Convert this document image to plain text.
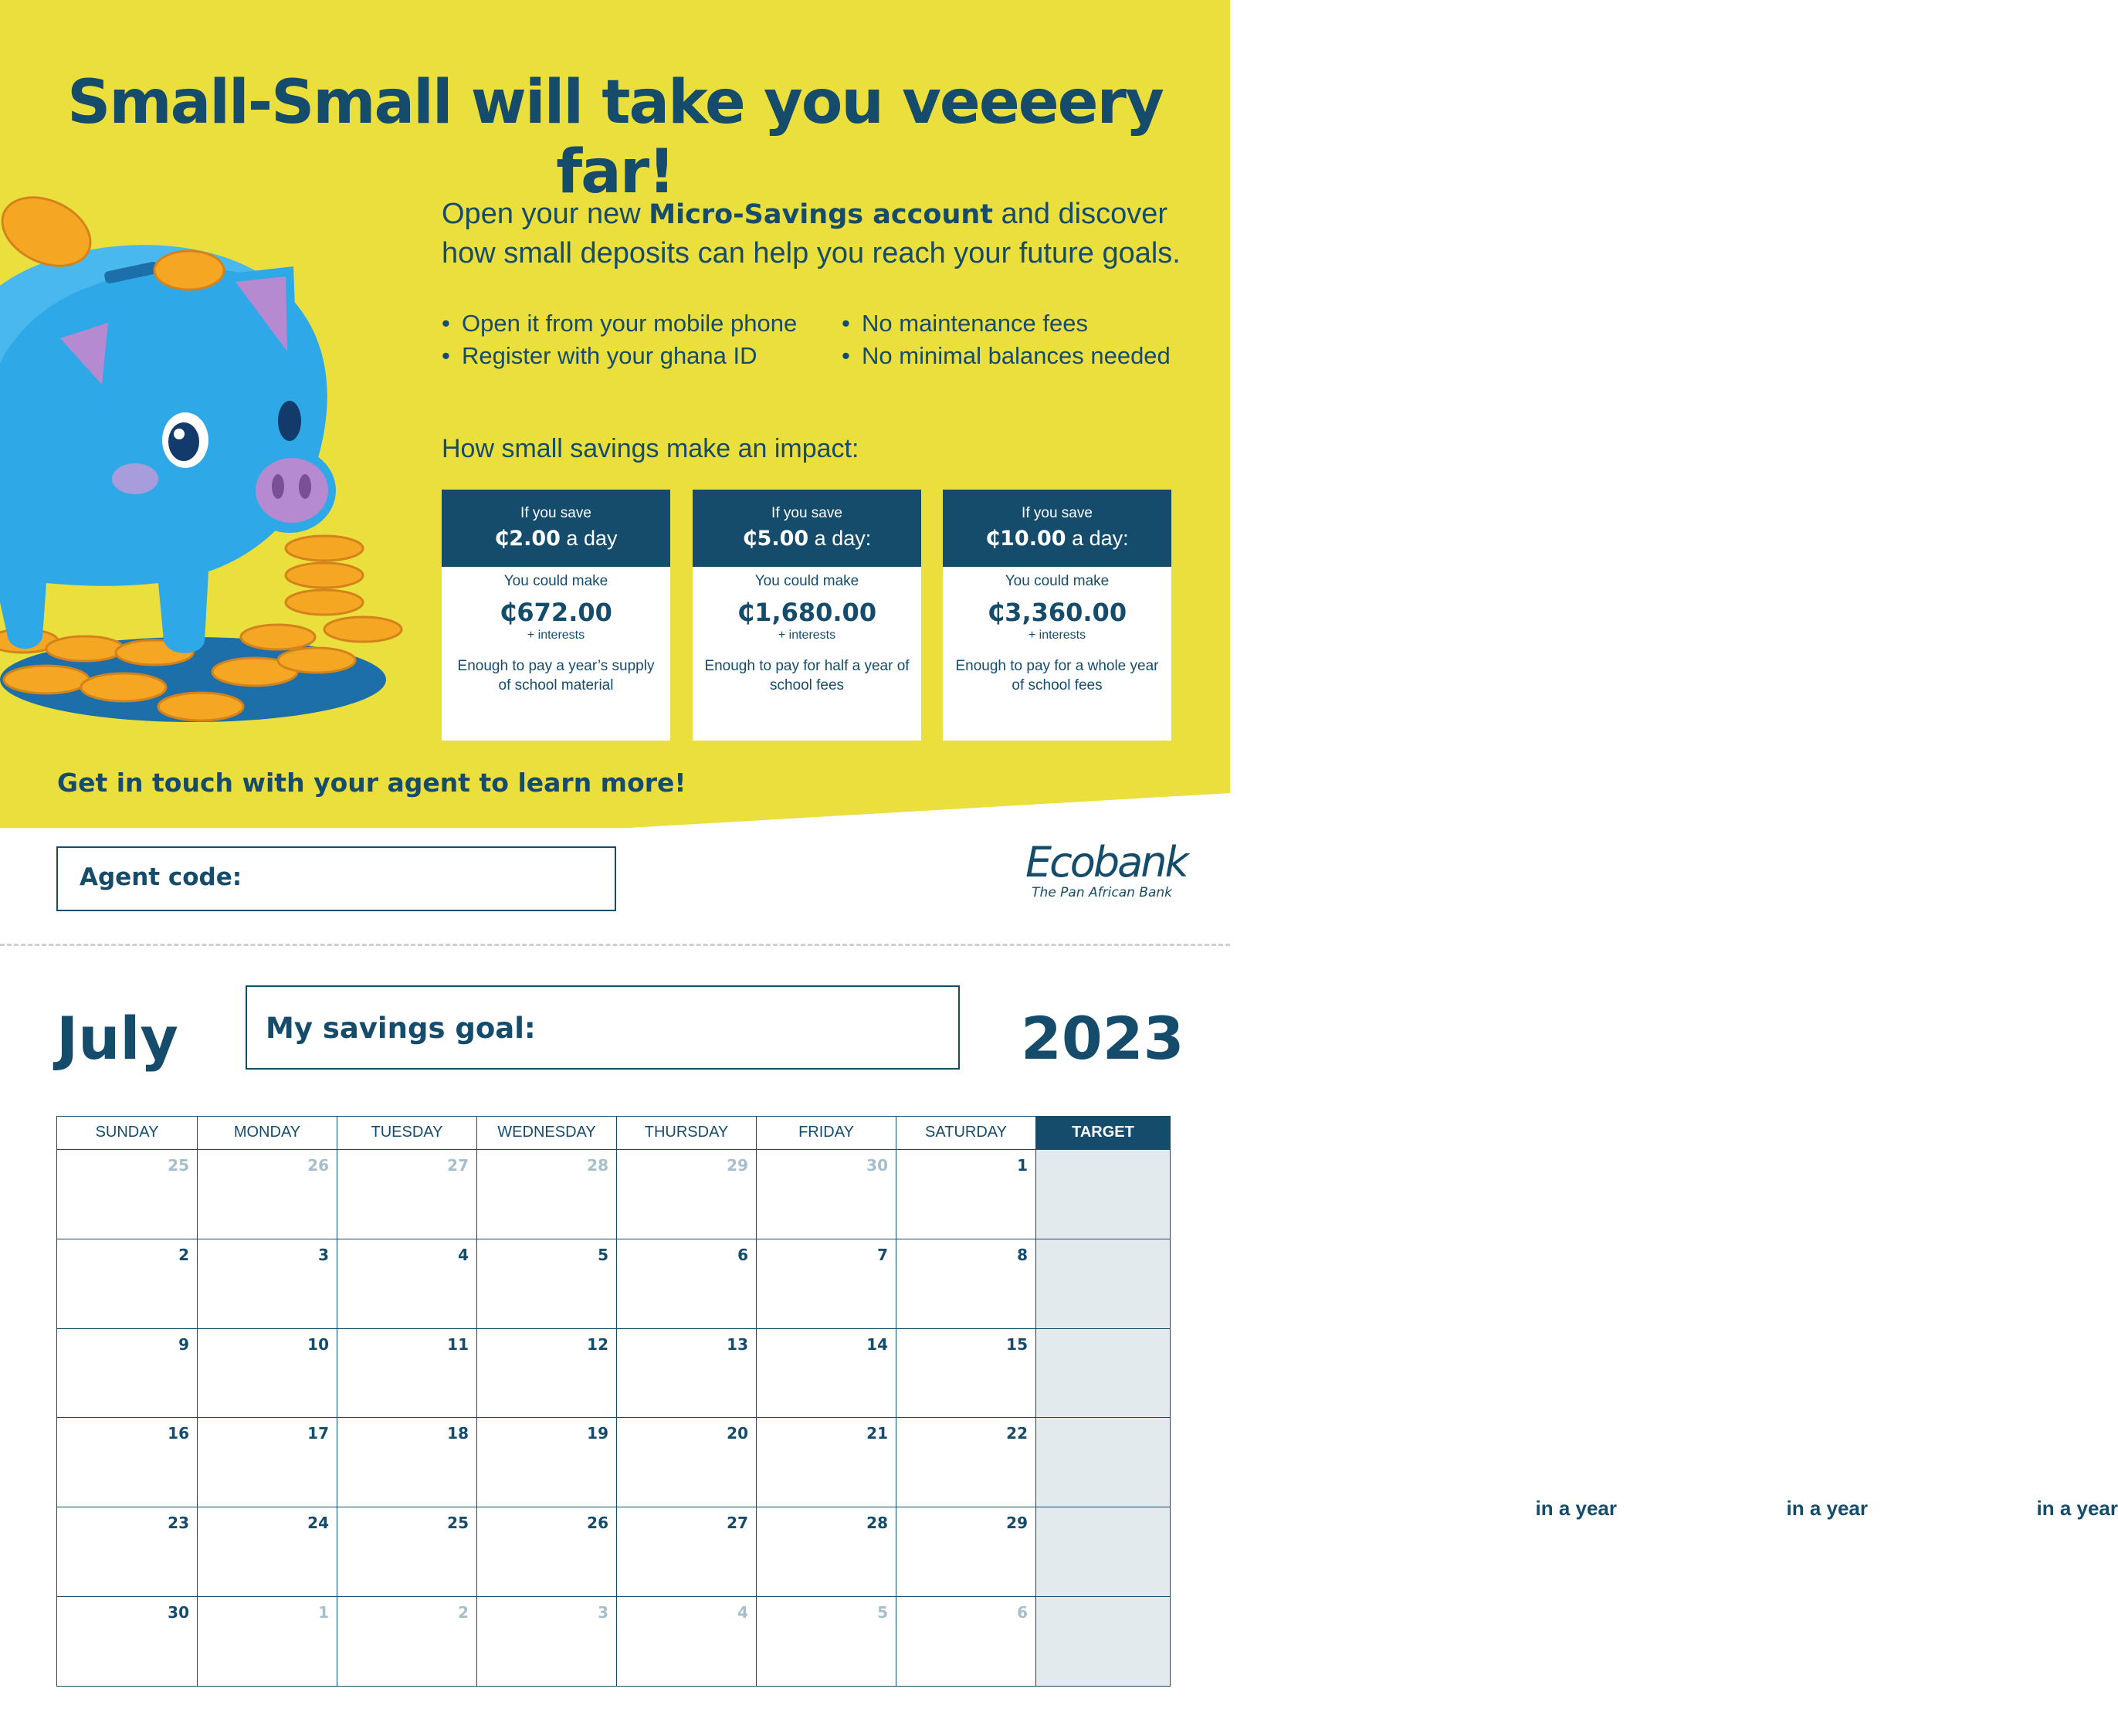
Small-Small will take you veeeery far!

Open your new Micro-Savings account and discover how small deposits can help you reach your future goals.

• Open it from your mobile phone	• No maintenance fees
• Register with your ghana ID	• No minimal balances needed
How small savings make an impact:
If you save
₵2.00 a day
You could make
₵672.00
+ interests
in a year
Enough to pay a year’s supply of school material
If you save
₵5.00 a day:
You could make
₵1,680.00
+ interests
in a year
Enough to pay for half a year of school fees
If you save
₵10.00 a day:
You could make
₵3,360.00
+ interests
in a year
Enough to pay for a whole year of school fees
Get in touch with your agent to learn more!
Agent code:	Ecobank
The Pan African Bank
July	My savings goal:	2023
SUNDAY	MONDAY	TUESDAY	WEDNESDAY	THURSDAY	FRIDAY	SATURDAY	TARGET
25	26	27	28	29	30	1
2	3	4	5	6	7	8
9	10	11	12	13	14	15
16	17	18	19	20	21	22
23	24	25	26	27	28	29
30	1	2	3	4	5	6
